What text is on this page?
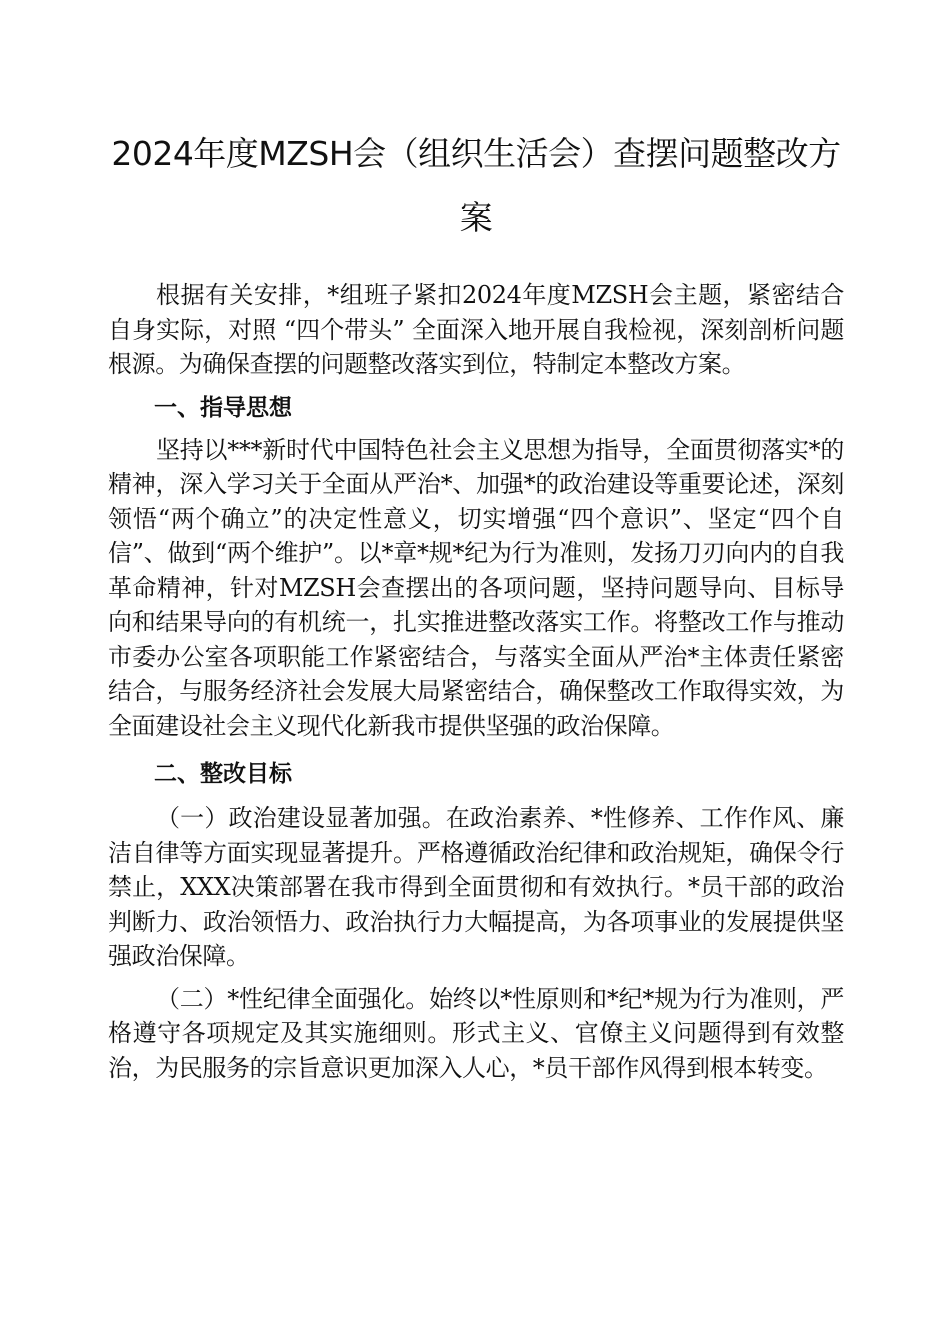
2024年度MZSH会（组织生活会）查摆问题整改方案

根据有关安排，*组班子紧扣2024年度MZSH会主题，紧密结合自身实际，对照 “四个带头” 全面深入地开展自我检视，深刻剖析问题根源。为确保查摆的问题整改落实到位，特制定本整改方案。

一、指导思想

坚持以***新时代中国特色社会主义思想为指导，全面贯彻落实*的精神，深入学习关于全面从严治*、加强*的政治建设等重要论述，深刻领悟“两个确立”的决定性意义，切实增强“四个意识”、坚定“四个自信”、做到“两个维护”。以*章*规*纪为行为准则，发扬刀刃向内的自我革命精神，针对MZSH会查摆出的各项问题，坚持问题导向、目标导向和结果导向的有机统一，扎实推进整改落实工作。将整改工作与推动市委办公室各项职能工作紧密结合，与落实全面从严治*主体责任紧密结合，与服务经济社会发展大局紧密结合，确保整改工作取得实效，为全面建设社会主义现代化新我市提供坚强的政治保障。

二、整改目标

（一）政治建设显著加强。在政治素养、*性修养、工作作风、廉洁自律等方面实现显著提升。严格遵循政治纪律和政治规矩，确保令行禁止，XXX决策部署在我市得到全面贯彻和有效执行。*员干部的政治判断力、政治领悟力、政治执行力大幅提高，为各项事业的发展提供坚强政治保障。

（二）*性纪律全面强化。始终以*性原则和*纪*规为行为准则，严格遵守各项规定及其实施细则。形式主义、官僚主义问题得到有效整治，为民服务的宗旨意识更加深入人心，*员干部作风得到根本转变。
